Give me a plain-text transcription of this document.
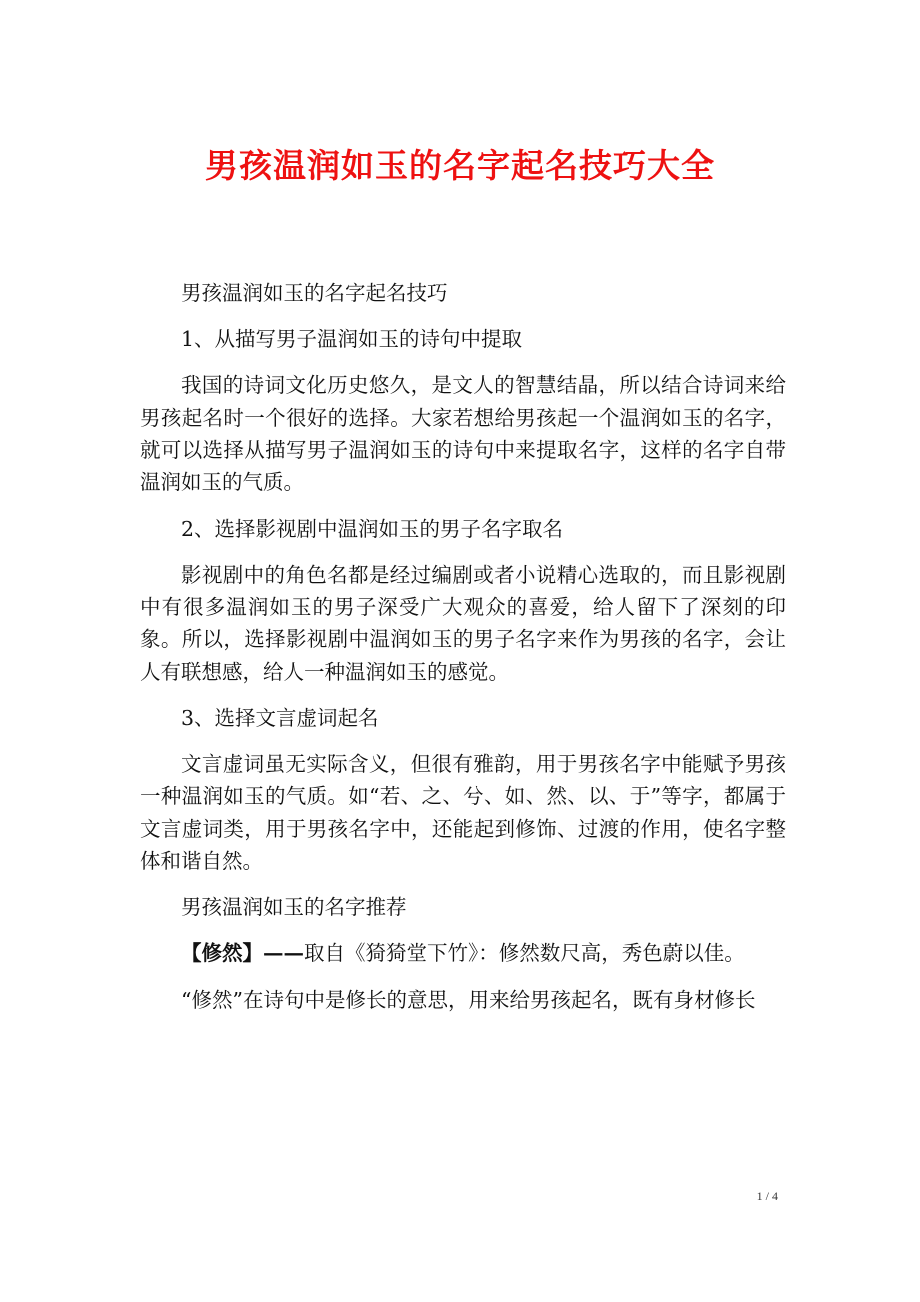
男孩温润如玉的名字起名技巧大全

男孩温润如玉的名字起名技巧

1、从描写男子温润如玉的诗句中提取

我国的诗词文化历史悠久，是文人的智慧结晶，所以结合诗词来给男孩起名时一个很好的选择。大家若想给男孩起一个温润如玉的名字，就可以选择从描写男子温润如玉的诗句中来提取名字，这样的名字自带温润如玉的气质。

2、选择影视剧中温润如玉的男子名字取名

影视剧中的角色名都是经过编剧或者小说精心选取的，而且影视剧中有很多温润如玉的男子深受广大观众的喜爱，给人留下了深刻的印象。所以，选择影视剧中温润如玉的男子名字来作为男孩的名字，会让人有联想感，给人一种温润如玉的感觉。

3、选择文言虚词起名

文言虚词虽无实际含义，但很有雅韵，用于男孩名字中能赋予男孩一种温润如玉的气质。如“若、之、兮、如、然、以、于”等字，都属于文言虚词类，用于男孩名字中，还能起到修饰、过渡的作用，使名字整体和谐自然。

男孩温润如玉的名字推荐

【修然】——取自《猗猗堂下竹》：修然数尺高，秀色蔚以佳。

“修然”在诗句中是修长的意思，用来给男孩起名，既有身材修长

1 / 4
